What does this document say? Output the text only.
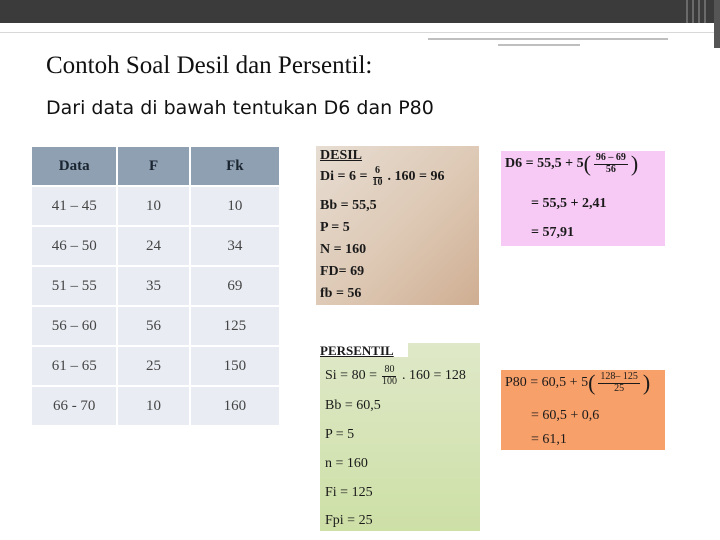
Contoh Soal Desil dan Persentil:
Dari data di bawah tentukan D6 dan P80
Data	F	Fk
41 – 45	10	10
46 – 50	24	34
51 – 55	35	69
56 – 60	56	125
61 – 65	25	150
66 - 70	10	160
DESIL
$Di = 6 = \frac{6}{10}$ . 160 = 96
Bb = 55,5
P = 5
N = 160
FD= 69
fb = 56
D6 = 55,5 + 5 ( $\frac{96 - 69}{56}$ )
= 55,5 + 2,41
= 57,91
$Si = 80 = \frac{80}{100}$ . 160 = 128
Bb = 60,5
P = 5
n = 160
Fi = 125
Fpi = 25
PERSENTIL
P80 = 60,5 + 5 ( $\frac{128- 125}{25}$ )
= 60,5 + 0,6
= 61,1
